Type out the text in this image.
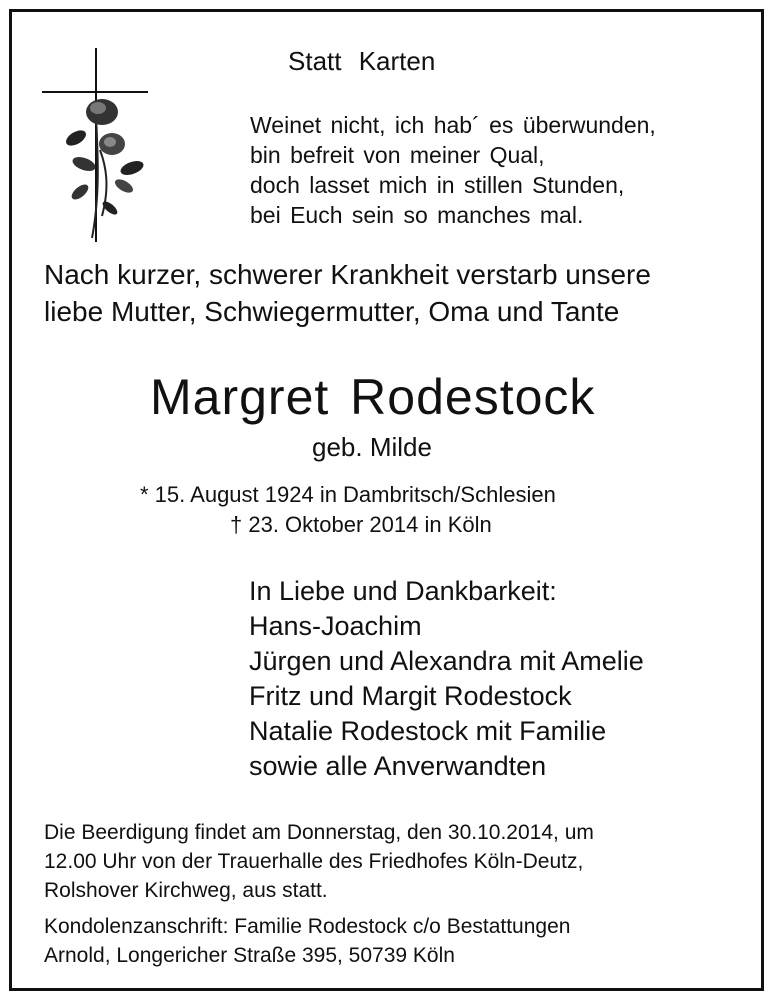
Statt Karten
Weinet nicht, ich hab´ es überwunden,
bin befreit von meiner Qual,
doch lasset mich in stillen Stunden,
bei Euch sein so manches mal.
Nach kurzer, schwerer Krankheit verstarb unsere
liebe Mutter, Schwiegermutter, Oma und Tante
Margret Rodestock
geb. Milde
* 15. August 1924 in Dambritsch/Schlesien
† 23. Oktober 2014 in Köln
In Liebe und Dankbarkeit:
Hans-Joachim
Jürgen und Alexandra mit Amelie
Fritz und Margit Rodestock
Natalie Rodestock mit Familie
sowie alle Anverwandten
Die Beerdigung findet am Donnerstag, den 30.10.2014, um
12.00 Uhr von der Trauerhalle des Friedhofes Köln-Deutz,
Rolshover Kirchweg, aus statt.
Kondolenzanschrift: Familie Rodestock c/o Bestattungen
Arnold, Longericher Straße 395, 50739 Köln
